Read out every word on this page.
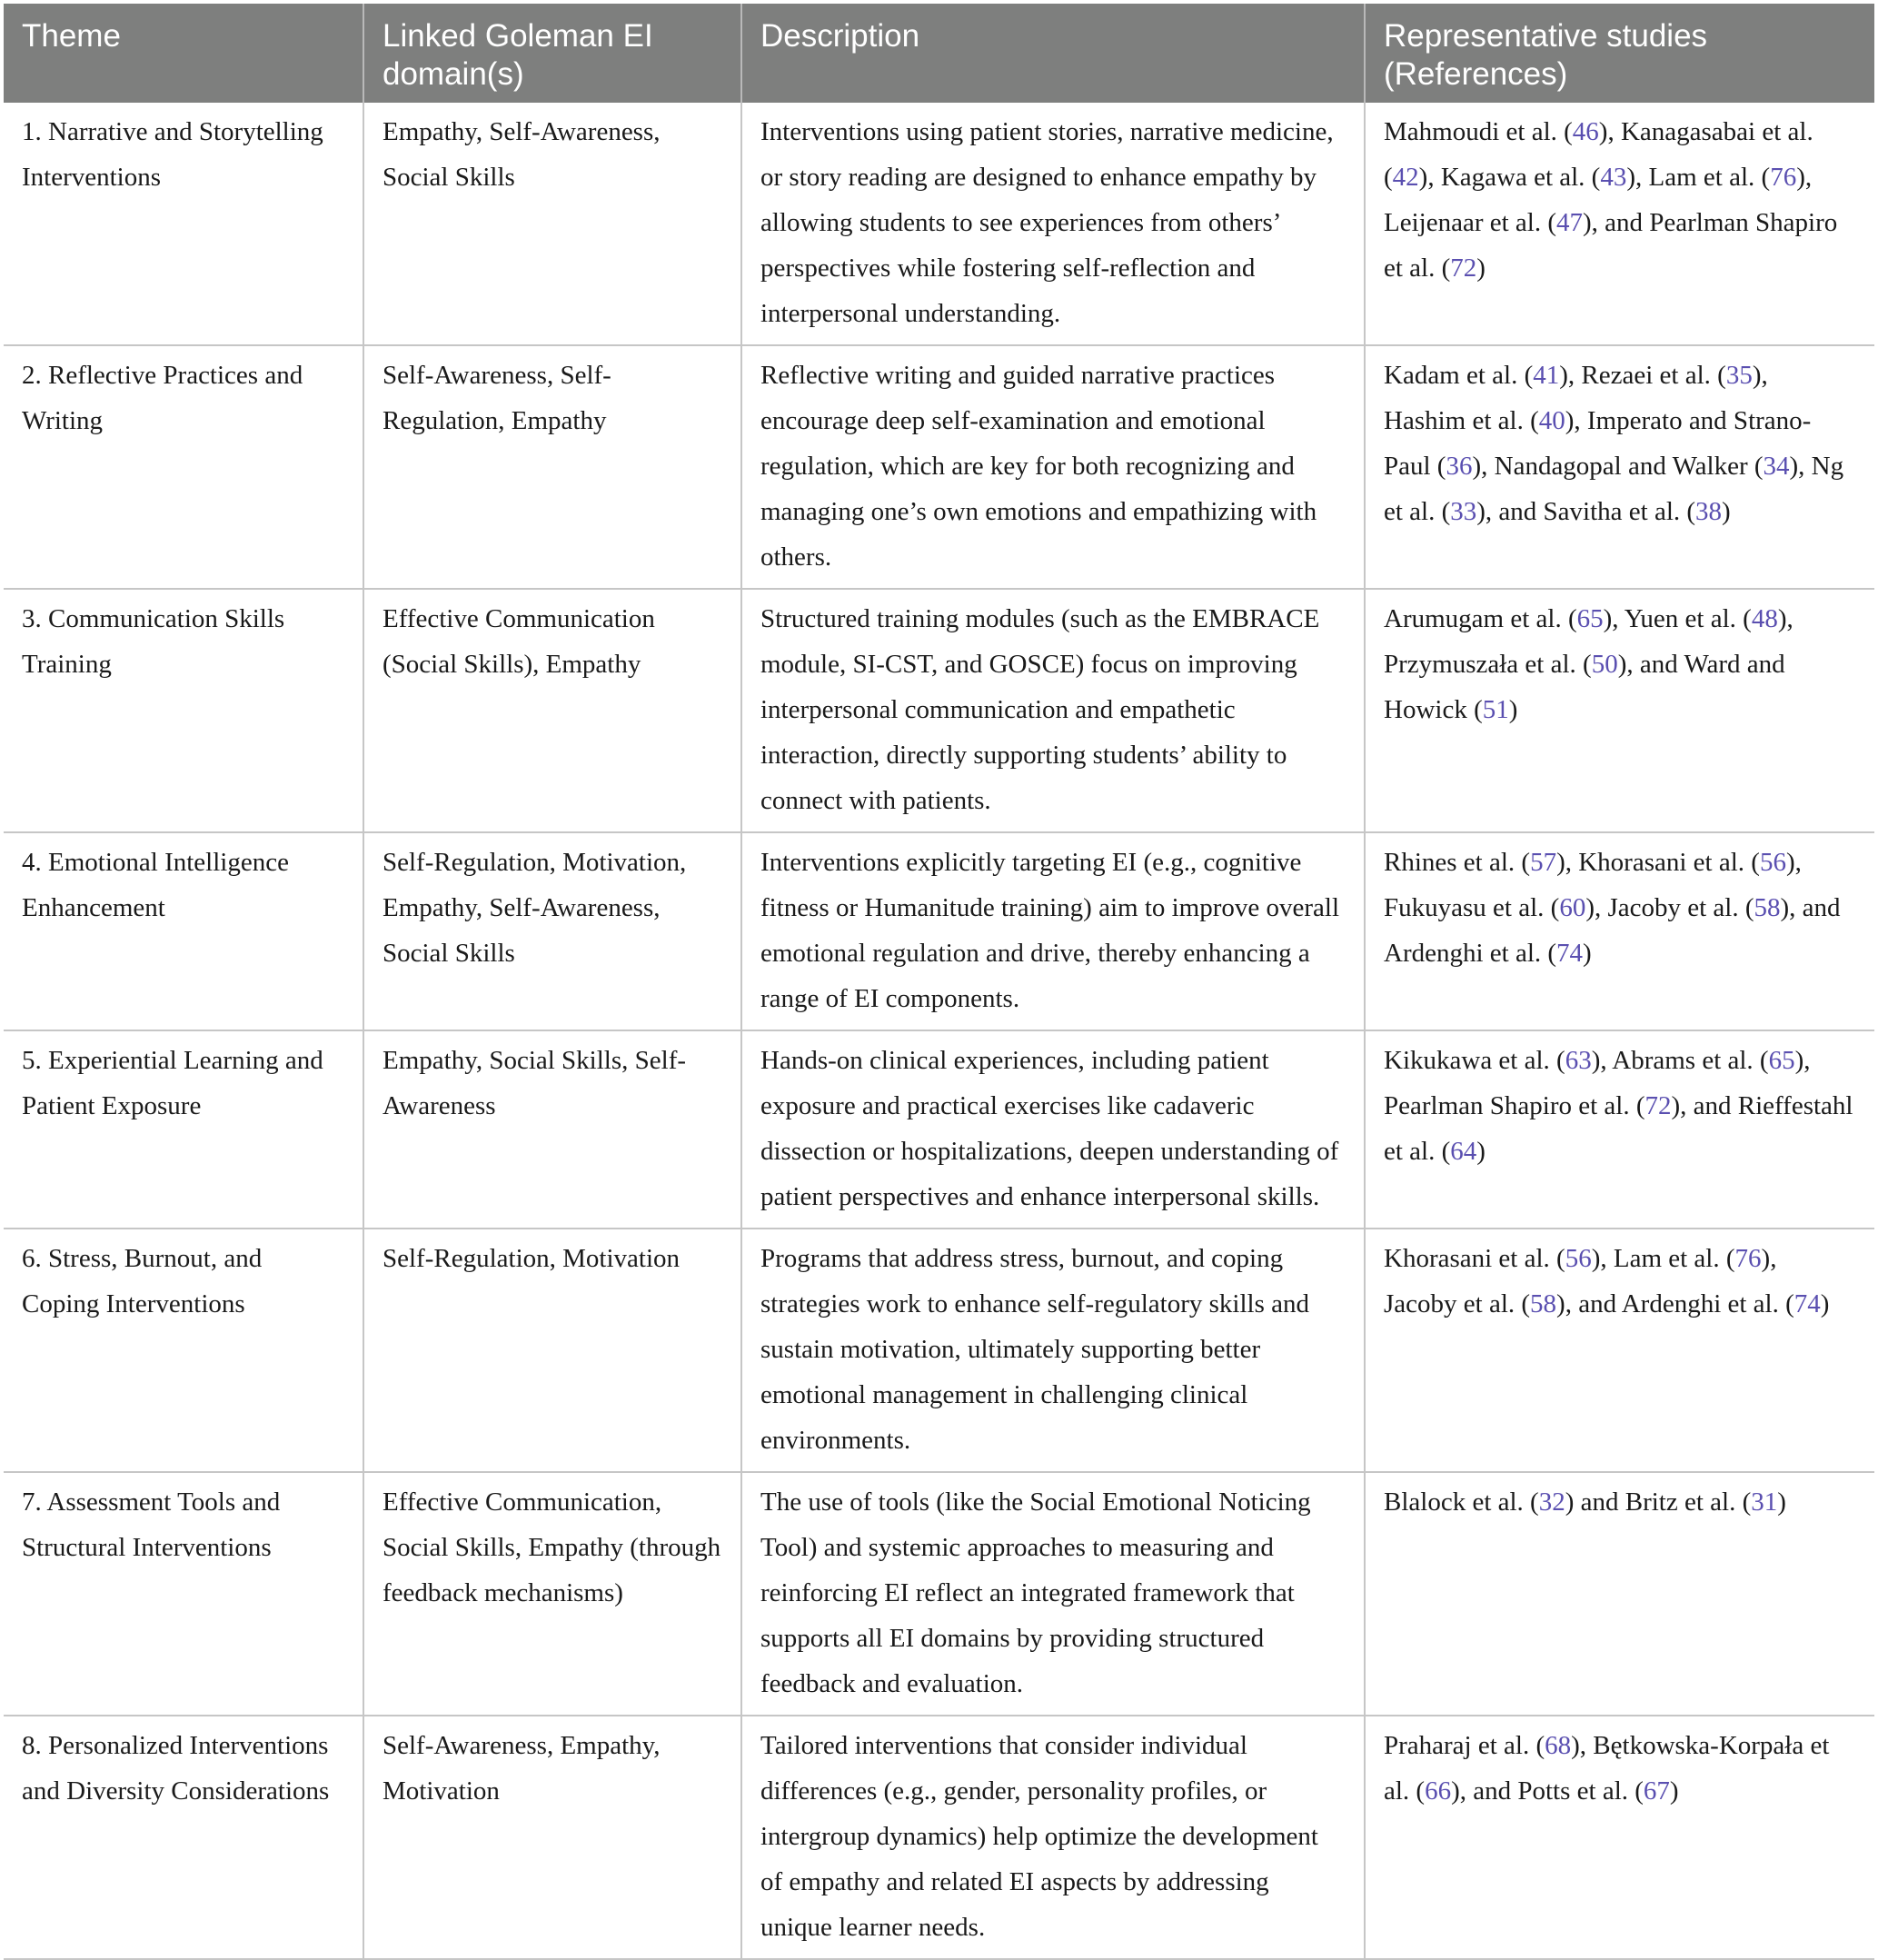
Theme	Linked Goleman EI domain(s)	Description	Representative studies (References)
1. Narrative and Storytelling Interventions	Empathy, Self-Awareness, Social Skills	Interventions using patient stories, narrative medicine, or story reading are designed to enhance empathy by allowing students to see experiences from others’ perspectives while fostering self-reflection and interpersonal understanding.	Mahmoudi et al. (46), Kanagasabai et al. (42), Kagawa et al. (43), Lam et al. (76), Leijenaar et al. (47), and Pearlman Shapiro et al. (72)
2. Reflective Practices and Writing	Self-Awareness, Self-Regulation, Empathy	Reflective writing and guided narrative practices encourage deep self-examination and emotional regulation, which are key for both recognizing and managing one’s own emotions and empathizing with others.	Kadam et al. (41), Rezaei et al. (35), Hashim et al. (40), Imperato and Strano-Paul (36), Nandagopal and Walker (34), Ng et al. (33), and Savitha et al. (38)
3. Communication Skills Training	Effective Communication (Social Skills), Empathy	Structured training modules (such as the EMBRACE module, SI-CST, and GOSCE) focus on improving interpersonal communication and empathetic interaction, directly supporting students’ ability to connect with patients.	Arumugam et al. (65), Yuen et al. (48), Przymuszała et al. (50), and Ward and Howick (51)
4. Emotional Intelligence Enhancement	Self-Regulation, Motivation, Empathy, Self-Awareness, Social Skills	Interventions explicitly targeting EI (e.g., cognitive fitness or Humanitude training) aim to improve overall emotional regulation and drive, thereby enhancing a range of EI components.	Rhines et al. (57), Khorasani et al. (56), Fukuyasu et al. (60), Jacoby et al. (58), and Ardenghi et al. (74)
5. Experiential Learning and Patient Exposure	Empathy, Social Skills, Self-Awareness	Hands-on clinical experiences, including patient exposure and practical exercises like cadaveric dissection or hospitalizations, deepen understanding of patient perspectives and enhance interpersonal skills.	Kikukawa et al. (63), Abrams et al. (65), Pearlman Shapiro et al. (72), and Rieffestahl et al. (64)
6. Stress, Burnout, and Coping Interventions	Self-Regulation, Motivation	Programs that address stress, burnout, and coping strategies work to enhance self-regulatory skills and sustain motivation, ultimately supporting better emotional management in challenging clinical environments.	Khorasani et al. (56), Lam et al. (76), Jacoby et al. (58), and Ardenghi et al. (74)
7. Assessment Tools and Structural Interventions	Effective Communication, Social Skills, Empathy (through feedback mechanisms)	The use of tools (like the Social Emotional Noticing Tool) and systemic approaches to measuring and reinforcing EI reflect an integrated framework that supports all EI domains by providing structured feedback and evaluation.	Blalock et al. (32) and Britz et al. (31)
8. Personalized Interventions and Diversity Considerations	Self-Awareness, Empathy, Motivation	Tailored interventions that consider individual differences (e.g., gender, personality profiles, or intergroup dynamics) help optimize the development of empathy and related EI aspects by addressing unique learner needs.	Praharaj et al. (68), Bętkowska-Korpała et al. (66), and Potts et al. (67)
